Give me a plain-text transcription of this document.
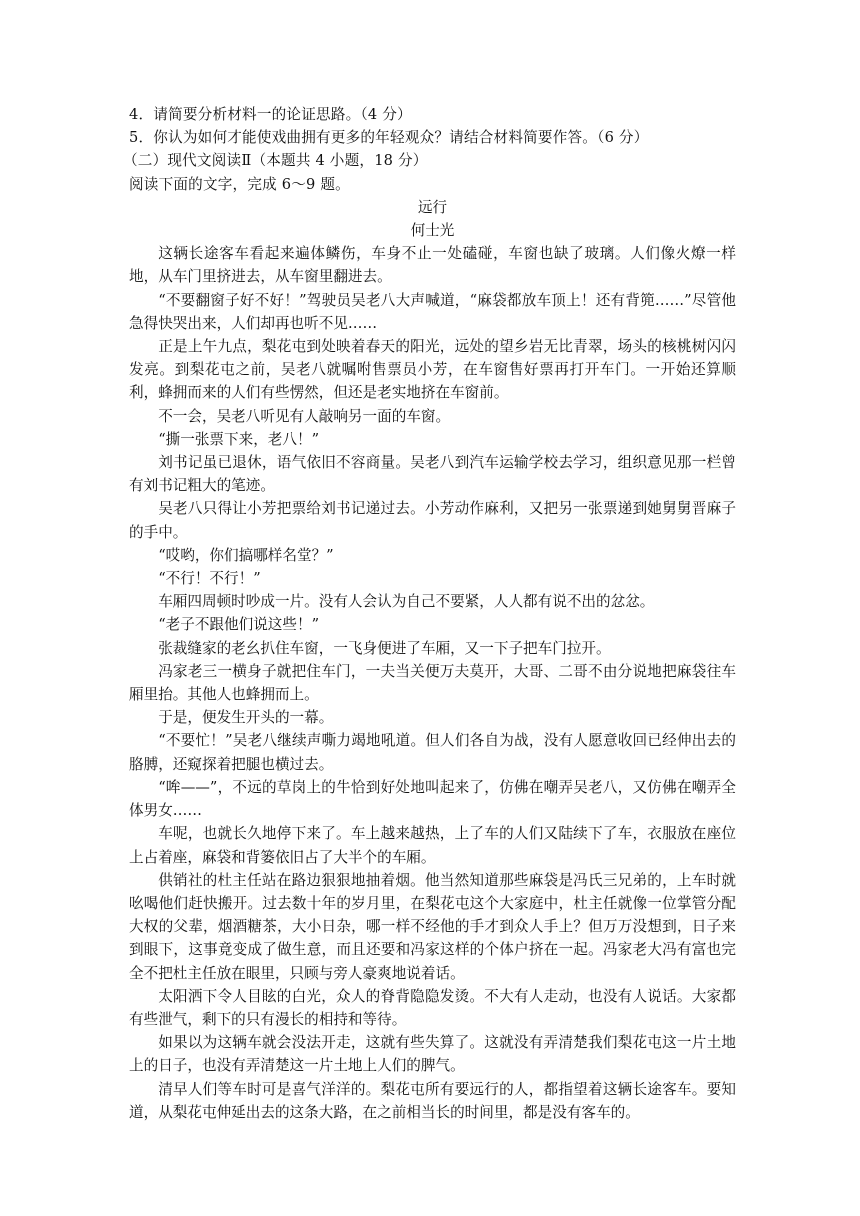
4．请简要分析材料一的论证思路。（4 分）
5．你认为如何才能使戏曲拥有更多的年轻观众？请结合材料简要作答。（6 分）
（二）现代文阅读Ⅱ（本题共 4 小题，18 分）
阅读下面的文字，完成 6～9 题。
远行
何士光

这辆长途客车看起来遍体鳞伤，车身不止一处磕碰，车窗也缺了玻璃。人们像火燎一样地，从车门里挤进去，从车窗里翻进去。

“不要翻窗子好不好！”驾驶员吴老八大声喊道，“麻袋都放车顶上！还有背篼……”尽管他急得快哭出来，人们却再也听不见……

正是上午九点，梨花屯到处映着春天的阳光，远处的望乡岩无比青翠，场头的核桃树闪闪发亮。到梨花屯之前，吴老八就嘱咐售票员小芳，在车窗售好票再打开车门。一开始还算顺利，蜂拥而来的人们有些愣然，但还是老实地挤在车窗前。

不一会，吴老八听见有人敲响另一面的车窗。

“撕一张票下来，老八！”

刘书记虽已退休，语气依旧不容商量。吴老八到汽车运输学校去学习，组织意见那一栏曾有刘书记粗大的笔迹。

吴老八只得让小芳把票给刘书记递过去。小芳动作麻利，又把另一张票递到她舅舅晋麻子的手中。

“哎哟，你们搞哪样名堂？”

“不行！不行！”

车厢四周顿时吵成一片。没有人会认为自己不要紧，人人都有说不出的忿忿。

“老子不跟他们说这些！”

张裁缝家的老幺扒住车窗，一飞身便进了车厢，又一下子把车门拉开。

冯家老三一横身子就把住车门，一夫当关便万夫莫开，大哥、二哥不由分说地把麻袋往车厢里抬。其他人也蜂拥而上。

于是，便发生开头的一幕。

“不要忙！”吴老八继续声嘶力竭地吼道。但人们各自为战，没有人愿意收回已经伸出去的胳膊，还窥探着把腿也横过去。

“哞——”，不远的草岗上的牛恰到好处地叫起来了，仿佛在嘲弄吴老八，又仿佛在嘲弄全体男女……

车呢，也就长久地停下来了。车上越来越热，上了车的人们又陆续下了车，衣服放在座位上占着座，麻袋和背篓依旧占了大半个的车厢。

供销社的杜主任站在路边狠狠地抽着烟。他当然知道那些麻袋是冯氏三兄弟的，上车时就吆喝他们赶快搬开。过去数十年的岁月里，在梨花屯这个大家庭中，杜主任就像一位掌管分配大权的父辈，烟酒糖茶，大小日杂，哪一样不经他的手才到众人手上？但万万没想到，日子来到眼下，这事竟变成了做生意，而且还要和冯家这样的个体户挤在一起。冯家老大冯有富也完全不把杜主任放在眼里，只顾与旁人豪爽地说着话。

太阳洒下令人目眩的白光，众人的脊背隐隐发烫。不大有人走动，也没有人说话。大家都有些泄气，剩下的只有漫长的相持和等待。

如果以为这辆车就会没法开走，这就有些失算了。这就没有弄清楚我们梨花屯这一片土地上的日子，也没有弄清楚这一片土地上人们的脾气。

清早人们等车时可是喜气洋洋的。梨花屯所有要远行的人，都指望着这辆长途客车。要知道，从梨花屯伸延出去的这条大路，在之前相当长的时间里，都是没有客车的。
